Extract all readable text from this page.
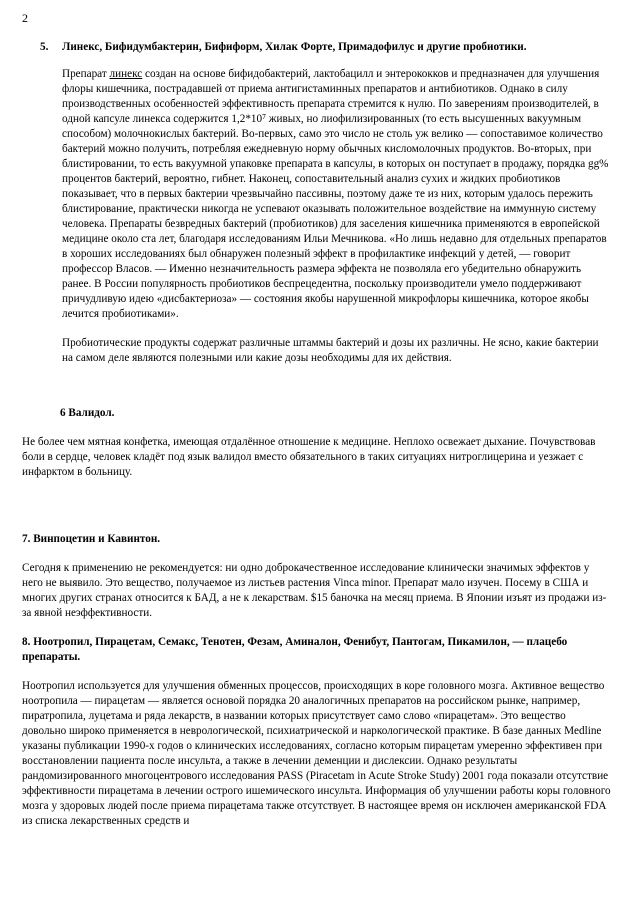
2
5. Линекс, Бифидумбактерин, Бифиформ, Хилак Форте, Примадофилус и другие пробиотики.

Препарат линекс создан на основе бифидобактерий, лактобацилл и энтерококков и предназначен для улучшения флоры кишечника, пострадавшей от приема антигистаминных препаратов и антибиотиков. Однако в силу производственных особенностей эффективность препарата стремится к нулю. По заверениям производителей, в одной капсуле линекса содержится 1,2*10⁷ живых, но лиофилизированных (то есть высушенных вакуумным способом) молочнокислых бактерий. Во-первых, само это число не столь уж велико — сопоставимое количество бактерий можно получить, потребляя ежедневную норму обычных кисломолочных продуктов. Во-вторых, при блистировании, то есть вакуумной упаковке препарата в капсулы, в которых он поступает в продажу, порядка gg% процентов бактерий, вероятно, гибнет. Наконец, сопоставительный анализ сухих и жидких пробиотиков показывает, что в первых бактерии чрезвычайно пассивны, поэтому даже те из них, которым удалось пережить блистирование, практически никогда не успевают оказывать положительное воздействие на иммунную систему человека. Препараты безвредных бактерий (пробиотиков) для заселения кишечника применяются в европейской медицине около ста лет, благодаря исследованиям Ильи Мечникова. «Но лишь недавно для отдельных препаратов в хороших исследованиях был обнаружен полезный эффект в профилактике инфекций у детей, — говорит профессор Власов. — Именно незначительность размера эффекта не позволяла его убедительно обнаружить ранее. В России популярность пробиотиков беспрецедентна, поскольку производители умело поддерживают причудливую идею «дисбактериоза» — состояния якобы нарушенной микрофлоры кишечника, которое якобы лечится пробиотиками».

Пробиотические продукты содержат различные штаммы бактерий и дозы их различны. Не ясно, какие бактерии на самом деле являются полезными или какие дозы необходимы для их действия.

6 Валидол.

Не более чем мятная конфетка, имеющая отдалённое отношение к медицине. Неплохо освежает дыхание. Почувствовав боли в сердце, человек кладёт под язык валидол вместо обязательного в таких ситуациях нитроглицерина и уезжает с инфарктом в больницу.

7. Винпоцетин и Кавинтон.

Сегодня к применению не рекомендуется: ни одно доброкачественное исследование клинически значимых эффектов у него не выявило. Это вещество, получаемое из листьев растения Vinca minor. Препарат мало изучен. Посему в США и многих других странах относится к БАД, а не к лекарствам. $15 баночка на месяц приема. В Японии изъят из продажи из-за явной неэффективности.

8. Ноотропил, Пирацетам, Семакс, Тенотен, Фезам, Аминалон, Фенибут, Пантогам, Пикамилон, — плацебо препараты.

Ноотропил используется для улучшения обменных процессов, происходящих в коре головного мозга. Активное вещество ноотропила — пирацетам — является основой порядка 20 аналогичных препаратов на российском рынке, например, пиратропила, луцетама и ряда лекарств, в названии которых присутствует само слово «пирацетам». Это вещество довольно широко применяется в неврологической, психиатрической и наркологической практике. В базе данных Medline указаны публикации 1990-х годов о клинических исследованиях, согласно которым пирацетам умеренно эффективен при восстановлении пациента после инсульта, а также в лечении деменции и дислексии. Однако результаты рандомизированного многоцентрового исследования PASS (Piracetam in Acute Stroke Study) 2001 года показали отсутствие эффективности пирацетама в лечении острого ишемического инсульта. Информация об улучшении работы коры головного мозга у здоровых людей после приема пирацетама также отсутствует. В настоящее время он исключен американской FDA из списка лекарственных средств и
